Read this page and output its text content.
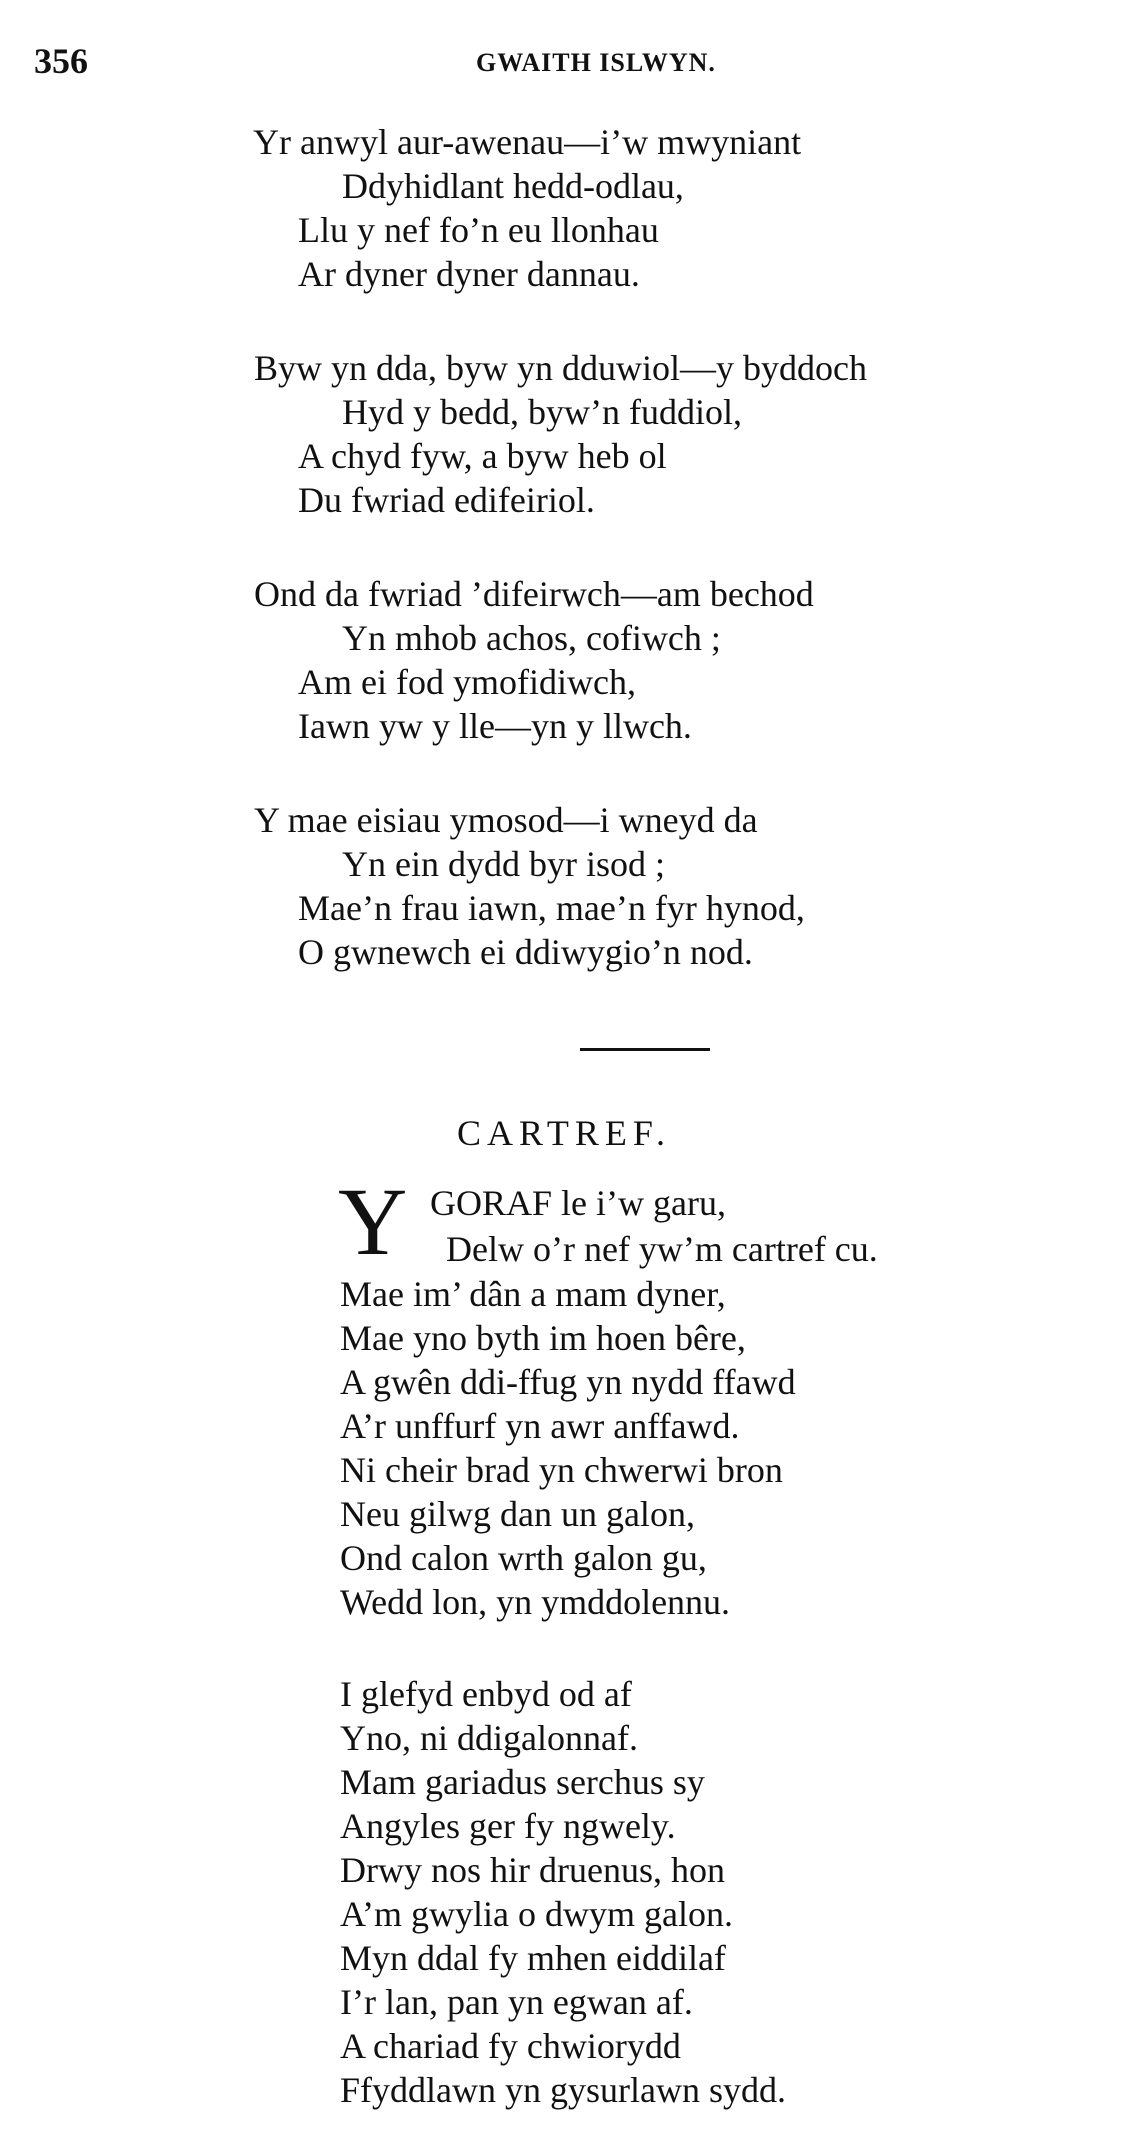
356	GWAITH ISLWYN.
Yr anwyl aur-awenau—i’w mwyniant
Ddyhidlant hedd-odlau,
Llu y nef fo’n eu llonhau
Ar dyner dyner dannau.
Byw yn dda, byw yn dduwiol—y byddoch
Hyd y bedd, byw’n fuddiol,
A chyd fyw, a byw heb ol
Du fwriad edifeiriol.
Ond da fwriad ’difeirwch—am bechod
Yn mhob achos, cofiwch ;
Am ei fod ymofidiwch,
Iawn yw y lle—yn y llwch.
Y mae eisiau ymosod—i wneyd da
Yn ein dydd byr isod ;
Mae’n frau iawn, mae’n fyr hynod,
O gwnewch ei ddiwygio’n nod.
CARTREF.
Y GORAF le i’w garu,
Delw o’r nef yw’m cartref cu.
Mae im’ dân a mam dyner,
Mae yno byth im hoen bêre,
A gwên ddi-ffug yn nydd ffawd
A’r unffurf yn awr anffawd.
Ni cheir brad yn chwerwi bron
Neu gilwg dan un galon,
Ond calon wrth galon gu,
Wedd lon, yn ymddolennu.
I glefyd enbyd od af
Yno, ni ddigalonnaf.
Mam gariadus serchus sy
Angyles ger fy ngwely.
Drwy nos hir druenus, hon
A’m gwylia o dwym galon.
Myn ddal fy mhen eiddilaf
I’r lan, pan yn egwan af.
A chariad fy chwiorydd
Ffyddlawn yn gysurlawn sydd.
